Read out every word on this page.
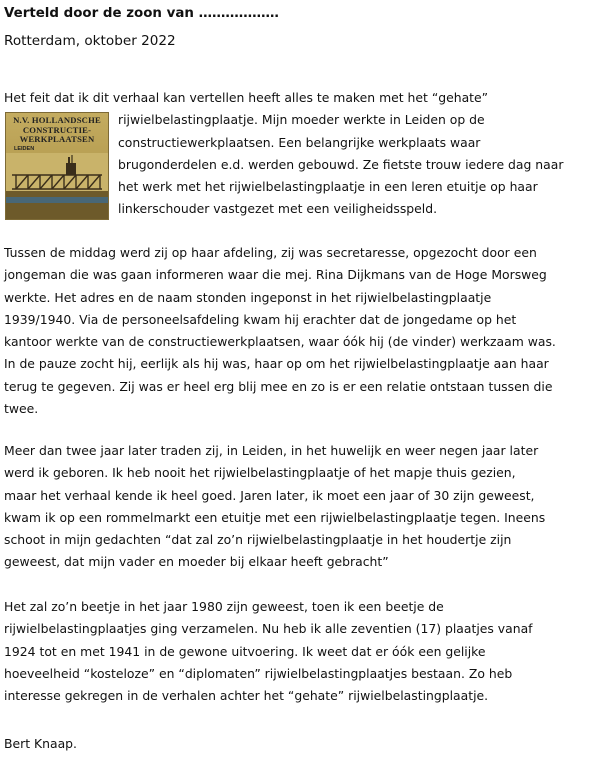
Verteld door de zoon van ………………
Rotterdam, oktober 2022
N.V. HOLLANDSCHE
CONSTRUCTIE-
WERKPLAATSEN
LEIDEN

Het feit dat ik dit verhaal kan vertellen heeft alles te maken met het “gehate”
rijwielbelastingplaatje. Mijn moeder werkte in Leiden op de
constructiewerkplaatsen. Een belangrijke werkplaats waar
brugonderdelen e.d. werden gebouwd. Ze fietste trouw iedere dag naar
het werk met het rijwielbelastingplaatje in een leren etuitje op haar
linkerschouder vastgezet met een veiligheidsspeld.

Tussen de middag werd zij op haar afdeling, zij was secretaresse, opgezocht door een
jongeman die was gaan informeren waar die mej. Rina Dijkmans van de Hoge Morsweg
werkte. Het adres en de naam stonden ingeponst in het rijwielbelastingplaatje
1939/1940. Via de personeelsafdeling kwam hij erachter dat de jongedame op het
kantoor werkte van de constructiewerkplaatsen, waar óók hij (de vinder) werkzaam was.
In de pauze zocht hij, eerlijk als hij was, haar op om het rijwielbelastingplaatje aan haar
terug te gegeven. Zij was er heel erg blij mee en zo is er een relatie ontstaan tussen die
twee.

Meer dan twee jaar later traden zij, in Leiden, in het huwelijk en weer negen jaar later
werd ik geboren. Ik heb nooit het rijwielbelastingplaatje of het mapje thuis gezien,
maar het verhaal kende ik heel goed. Jaren later, ik moet een jaar of 30 zijn geweest,
kwam ik op een rommelmarkt een etuitje met een rijwielbelastingplaatje tegen. Ineens
schoot in mijn gedachten “dat zal zo’n rijwielbelastingplaatje in het houdertje zijn
geweest, dat mijn vader en moeder bij elkaar heeft gebracht”

Het zal zo’n beetje in het jaar 1980 zijn geweest, toen ik een beetje de
rijwielbelastingplaatjes ging verzamelen. Nu heb ik alle zeventien (17) plaatjes vanaf
1924 tot en met 1941 in de gewone uitvoering. Ik weet dat er óók een gelijke
hoeveelheid “kosteloze” en “diplomaten” rijwielbelastingplaatjes bestaan. Zo heb
interesse gekregen in de verhalen achter het “gehate” rijwielbelastingplaatje.

Bert Knaap.
